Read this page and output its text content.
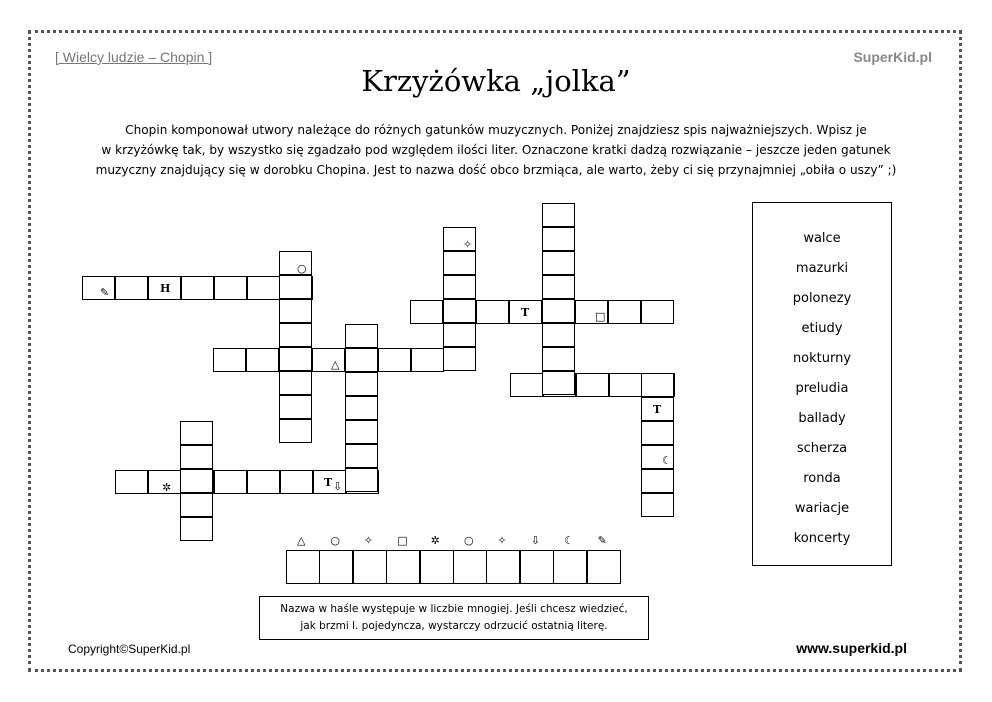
[ Wielcy ludzie – Chopin ]	SuperKid.pl
Krzyżówka „jolka”
Chopin komponował utwory należące do różnych gatunków muzycznych. Poniżej znajdziesz spis najważniejszych. Wpisz je
w krzyżówkę tak, by wszystko się zgadzało pod względem ilości liter. Oznaczone kratki dadzą rozwiązanie – jeszcze jeden gatunek
muzyczny znajdujący się w dorobku Chopina. Jest to nazwa dość obco brzmiąca, ale warto, żeby ci się przynajmniej „obiła o uszy” ;)
H
T
T
T
○
✧
□
△
☾
✲	⇩
✎
△ ○ ✧ □ ✲ ○ ✧ ⇩ ☾ ✎
walce
mazurki
polonezy
etiudy
nokturny
preludia
ballady
scherza
ronda
wariacje
koncerty
Nazwa w haśle występuje w liczbie mnogiej. Jeśli chcesz wiedzieć,
jak brzmi l. pojedyncza, wystarczy odrzucić ostatnią literę.
Copyright©SuperKid.pl	www.superkid.pl
